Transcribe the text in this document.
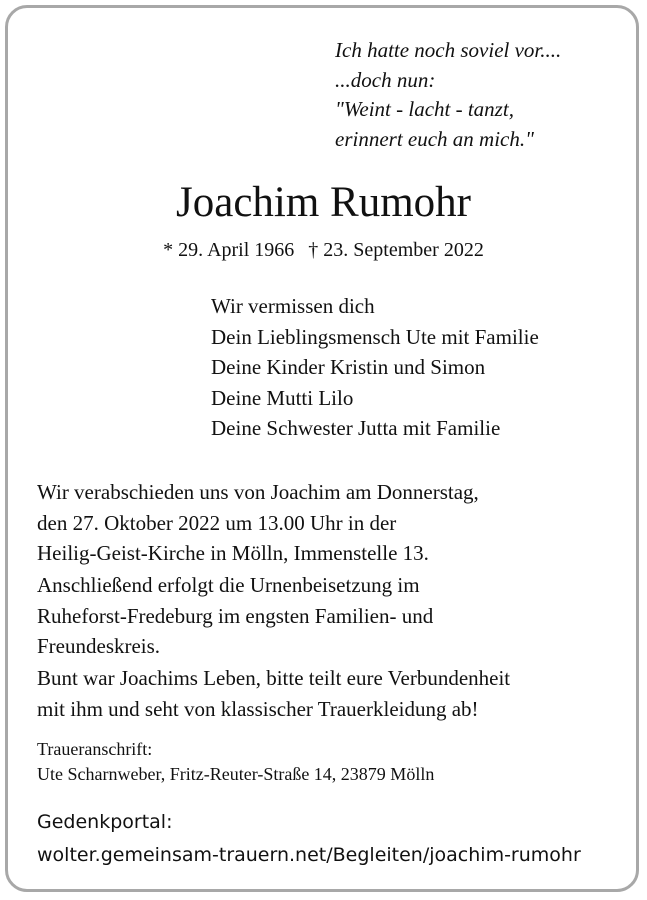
Ich hatte noch soviel vor....
...doch nun:
"Weint - lacht - tanzt,
erinnert euch an mich."
Joachim Rumohr
* 29. April 1966 † 23. September 2022
Wir vermissen dich
Dein Lieblingsmensch Ute mit Familie
Deine Kinder Kristin und Simon
Deine Mutti Lilo
Deine Schwester Jutta mit Familie
Wir verabschieden uns von Joachim am Donnerstag,
den 27. Oktober 2022 um 13.00 Uhr in der
Heilig-Geist-Kirche in Mölln, Immenstelle 13.
Anschließend erfolgt die Urnenbeisetzung im
Ruheforst-Fredeburg im engsten Familien- und
Freundeskreis.
Bunt war Joachims Leben, bitte teilt eure Verbundenheit
mit ihm und seht von klassischer Trauerkleidung ab!
Traueranschrift:
Ute Scharnweber, Fritz-Reuter-Straße 14, 23879 Mölln
Gedenkportal:
wolter.gemeinsam-trauern.net/Begleiten/joachim-rumohr
